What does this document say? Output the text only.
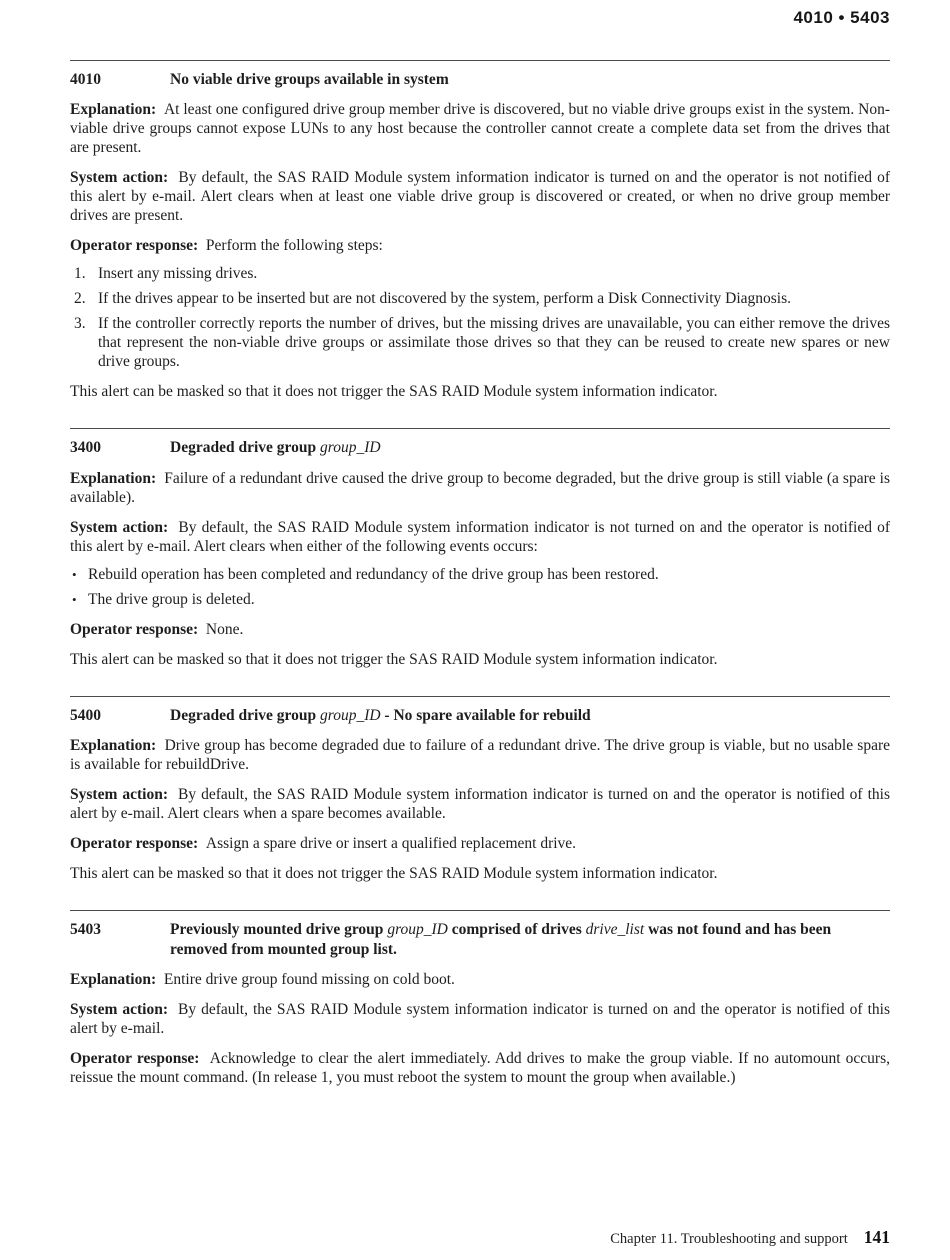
4010 • 5403
4010	No viable drive groups available in system

Explanation: At least one configured drive group member drive is discovered, but no viable drive groups exist in the system. Non-viable drive groups cannot expose LUNs to any host because the controller cannot create a complete data set from the drives that are present.

System action: By default, the SAS RAID Module system information indicator is turned on and the operator is not notified of this alert by e-mail. Alert clears when at least one viable drive group is discovered or created, or when no drive group member drives are present.

Operator response: Perform the following steps:

1. Insert any missing drives.
2. If the drives appear to be inserted but are not discovered by the system, perform a Disk Connectivity Diagnosis.
3. If the controller correctly reports the number of drives, but the missing drives are unavailable, you can either remove the drives that represent the non-viable drive groups or assimilate those drives so that they can be reused to create new spares or new drive groups.

This alert can be masked so that it does not trigger the SAS RAID Module system information indicator.

3400	Degraded drive group group_ID

Explanation: Failure of a redundant drive caused the drive group to become degraded, but the drive group is still viable (a spare is available).

System action: By default, the SAS RAID Module system information indicator is not turned on and the operator is notified of this alert by e-mail. Alert clears when either of the following events occurs:

• Rebuild operation has been completed and redundancy of the drive group has been restored.
• The drive group is deleted.

Operator response: None.

This alert can be masked so that it does not trigger the SAS RAID Module system information indicator.

5400	Degraded drive group group_ID - No spare available for rebuild

Explanation: Drive group has become degraded due to failure of a redundant drive. The drive group is viable, but no usable spare is available for rebuildDrive.

System action: By default, the SAS RAID Module system information indicator is turned on and the operator is notified of this alert by e-mail. Alert clears when a spare becomes available.

Operator response: Assign a spare drive or insert a qualified replacement drive.

This alert can be masked so that it does not trigger the SAS RAID Module system information indicator.

5403	Previously mounted drive group group_ID comprised of drives drive_list was not found and has been removed from mounted group list.

Explanation: Entire drive group found missing on cold boot.

System action: By default, the SAS RAID Module system information indicator is turned on and the operator is notified of this alert by e-mail.

Operator response: Acknowledge to clear the alert immediately. Add drives to make the group viable. If no automount occurs, reissue the mount command. (In release 1, you must reboot the system to mount the group when available.)

Chapter 11. Troubleshooting and support 141
